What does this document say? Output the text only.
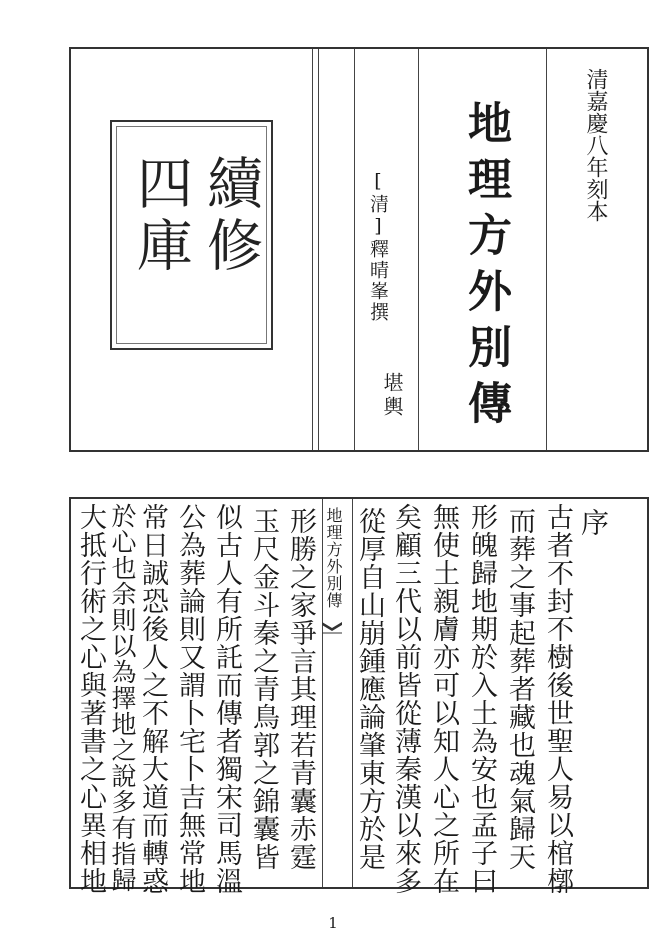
續修
四庫	清嘉慶八年刻本
地理方外別傳
[清]釋晴峯撰
堪輿
序
地理方外別傳	古者不封不樹後世聖人易以棺槨
而葬之事起葬者藏也魂氣歸天
形魄歸地期於入土為安也孟子曰
無使土親膚亦可以知人心之所在
矣顧三代以前皆從薄秦漢以來多
從厚自山崩鍾應論肇東方於是
形勝之家爭言其理若青囊赤霆
玉尺金斗秦之青鳥郭之錦囊皆
似古人有所託而傳者獨宋司馬溫
公為葬論則又謂卜宅卜吉無常地
常日誠恐後人之不解大道而轉惑
於心也余則以為擇地之說多有指歸
大抵行術之心與著書之心異相地
1
